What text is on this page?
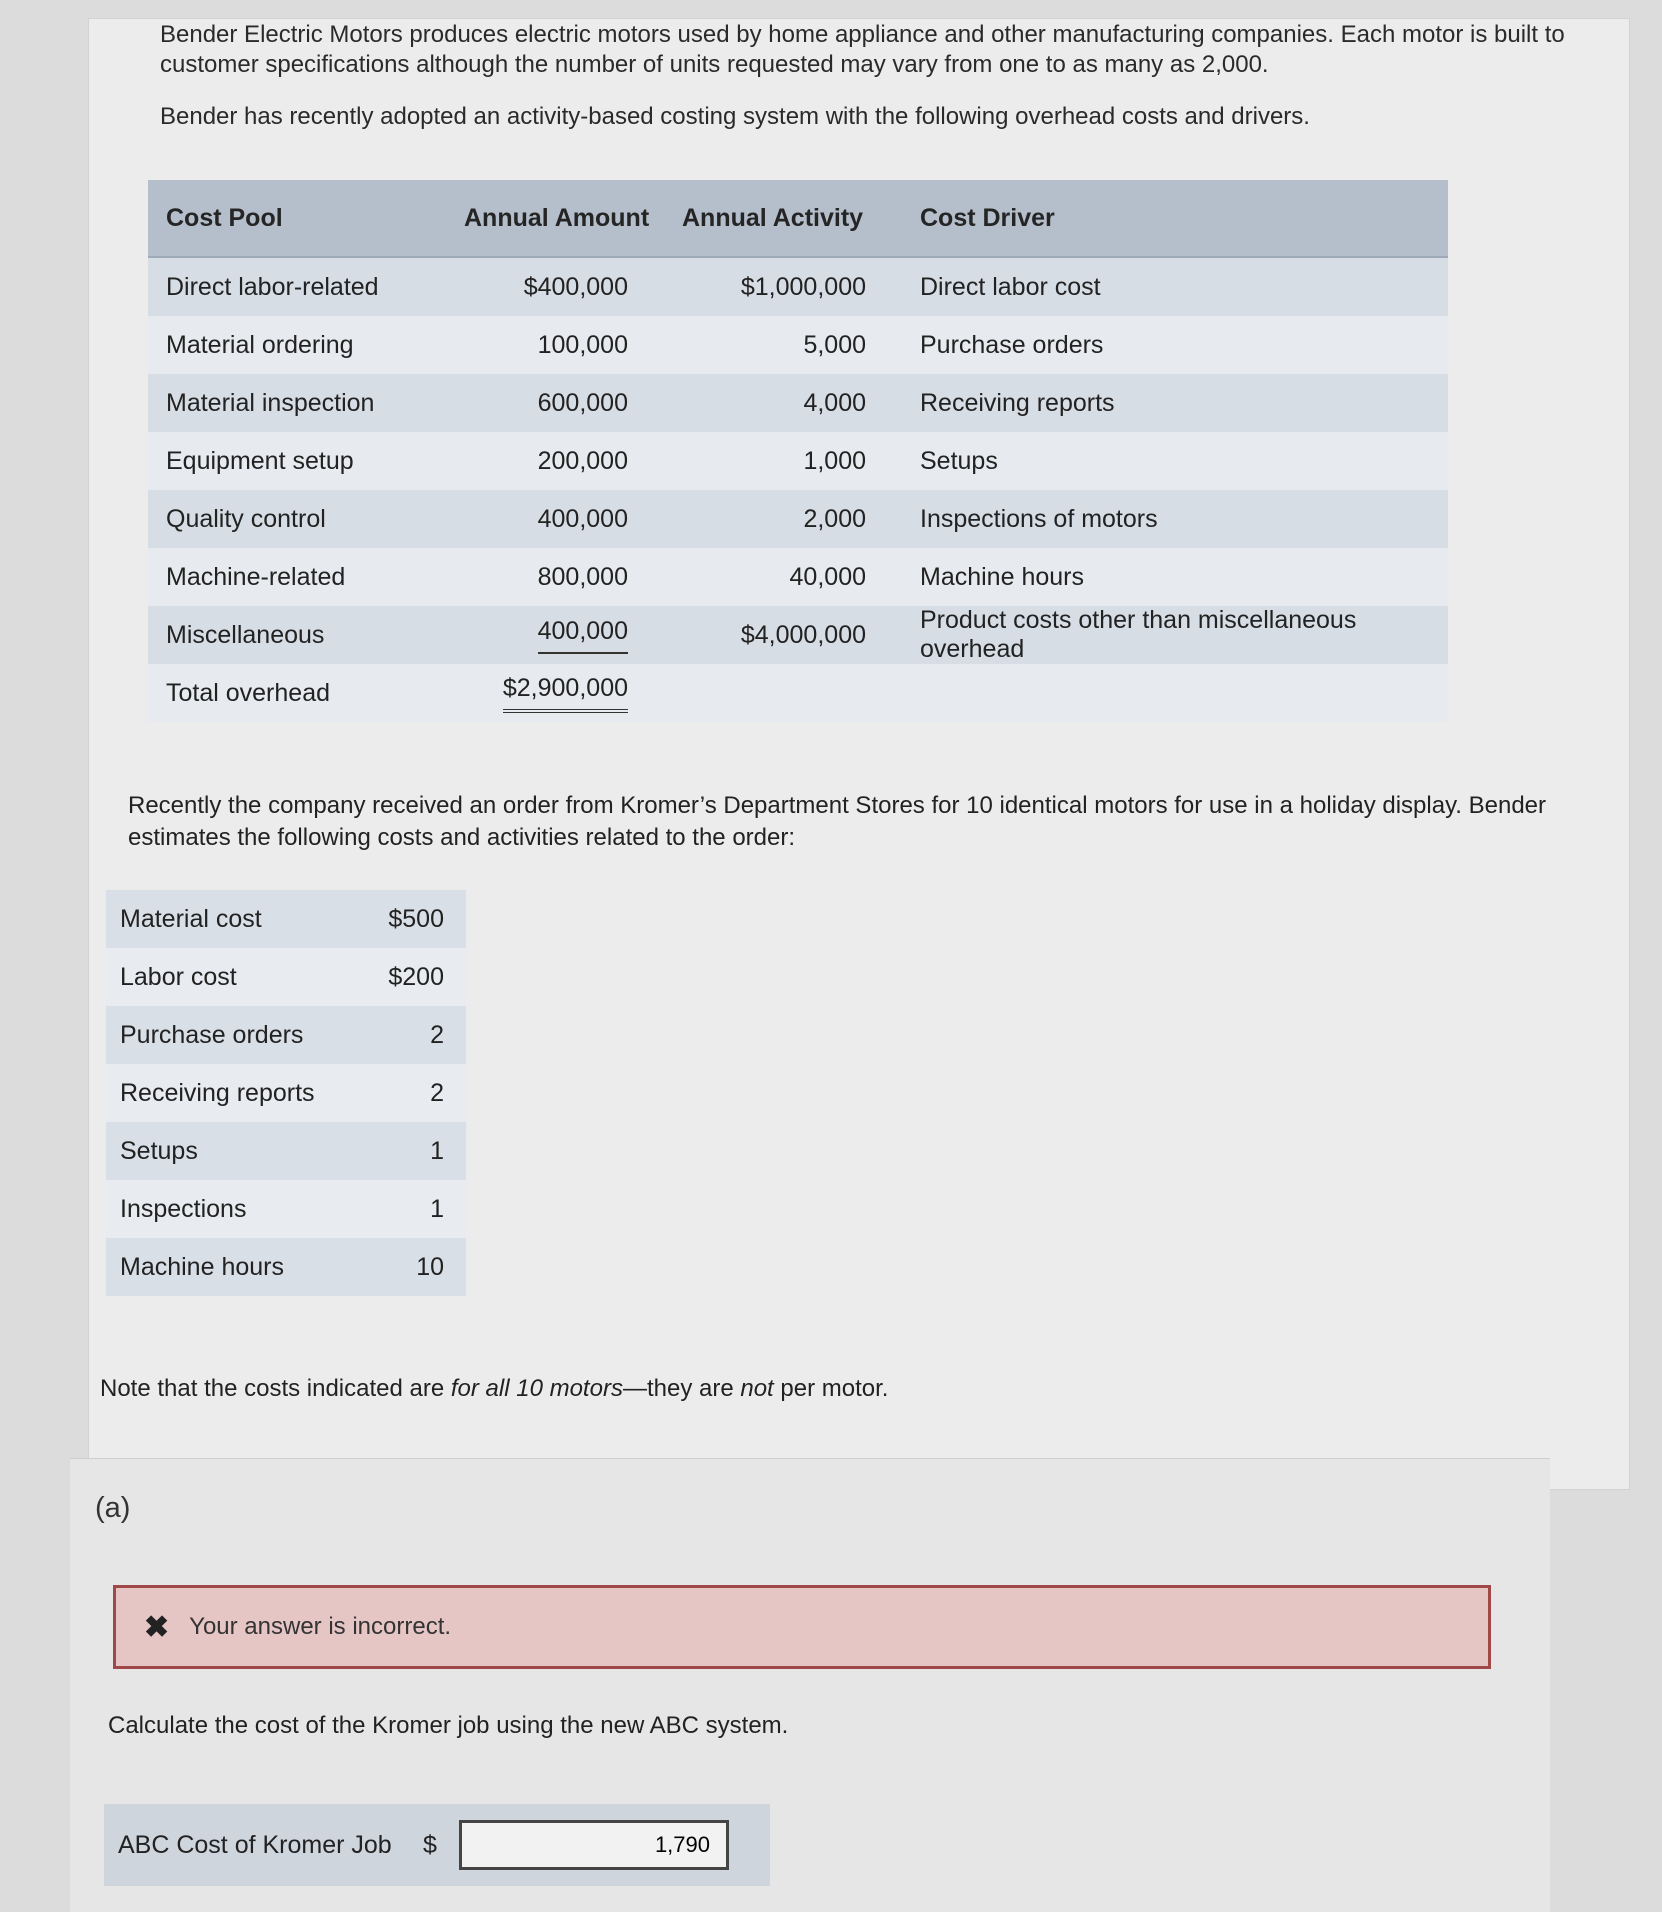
Bender Electric Motors produces electric motors used by home appliance and other manufacturing companies. Each motor is built to customer specifications although the number of units requested may vary from one to as many as 2,000.

Bender has recently adopted an activity-based costing system with the following overhead costs and drivers.

Cost Pool	Annual Amount	Annual Activity	Cost Driver
Direct labor-related	$400,000	$1,000,000	Direct labor cost
Material ordering	100,000	5,000	Purchase orders
Material inspection	600,000	4,000	Receiving reports
Equipment setup	200,000	1,000	Setups
Quality control	400,000	2,000	Inspections of motors
Machine-related	800,000	40,000	Machine hours
Miscellaneous	400,000	$4,000,000	Product costs other than miscellaneous overhead
Total overhead	$2,900,000		
Recently the company received an order from Kromer’s Department Stores for 10 identical motors for use in a holiday display. Bender estimates the following costs and activities related to the order:
Material cost	$500
Labor cost	$200
Purchase orders	2
Receiving reports	2
Setups	1
Inspections	1
Machine hours	10
Note that the costs indicated are for all 10 motors—they are not per motor.
(a)
✖ Your answer is incorrect.
Calculate the cost of the Kromer job using the new ABC system.
ABC Cost of Kromer Job	$
1,790
